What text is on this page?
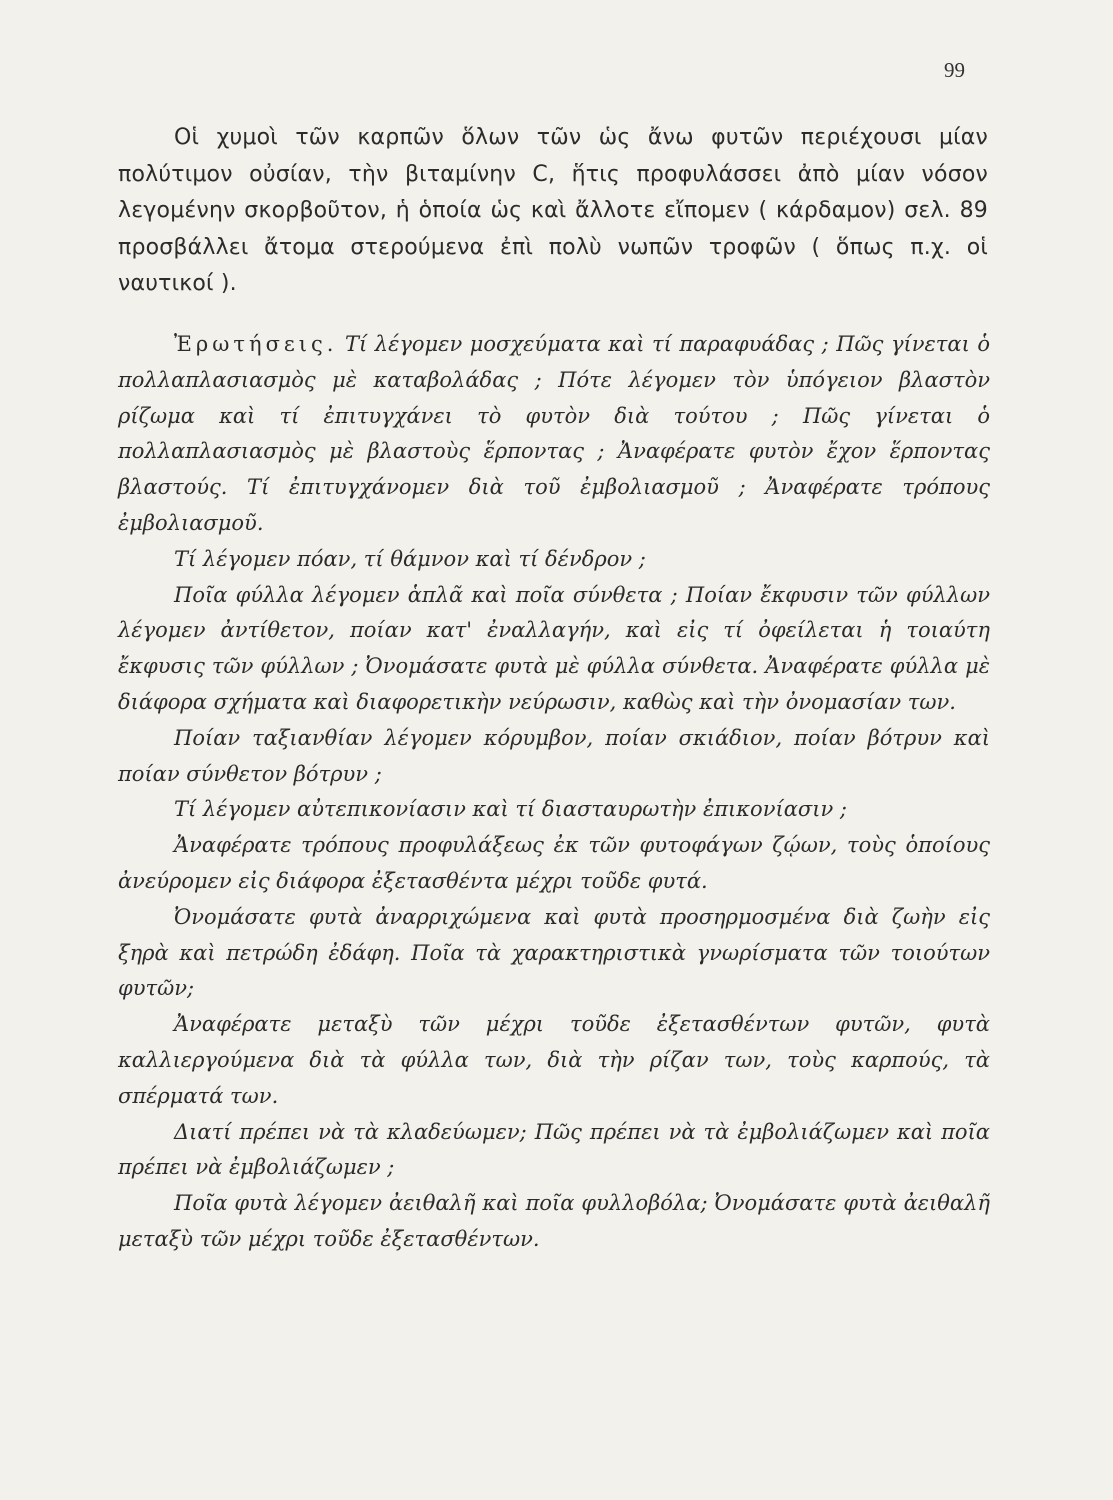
99

Οἱ χυμοὶ τῶν καρπῶν ὅλων τῶν ὡς ἄνω φυτῶν περιέχουσι μίαν πολύτιμον οὐσίαν, τὴν βιταμίνην C, ἥτις προφυλάσσει ἀπὸ μίαν νόσον λεγομένην σκορβοῦτον, ἡ ὁποία ὡς καὶ ἄλλοτε εἴπομεν ( κάρδαμον) σελ. 89 προσβάλλει ἄτομα στερούμενα ἐπὶ πολὺ νωπῶν τροφῶν ( ὅπως π.χ. οἱ ναυτικοί ).

Ἐρωτήσεις. Τί λέγομεν μοσχεύματα καὶ τί παραφυάδας ; Πῶς γίνεται ὁ πολλαπλασιασμὸς μὲ καταβολάδας ; Πότε λέγομεν τὸν ὑπόγειον βλαστὸν ρίζωμα καὶ τί ἐπιτυγχάνει τὸ φυτὸν διὰ τούτου ; Πῶς γίνεται ὁ πολλαπλασιασμὸς μὲ βλαστοὺς ἕρποντας ; Ἀναφέρατε φυτὸν ἔχον ἕρποντας βλαστούς. Τί ἐπιτυγχάνομεν διὰ τοῦ ἐμβολιασμοῦ ; Ἀναφέρατε τρόπους ἐμβολιασμοῦ.

Τί λέγομεν πόαν, τί θάμνον καὶ τί δένδρον ;

Ποῖα φύλλα λέγομεν ἁπλᾶ καὶ ποῖα σύνθετα ; Ποίαν ἔκφυσιν τῶν φύλλων λέγομεν ἀντίθετον, ποίαν κατ' ἐναλλαγήν, καὶ εἰς τί ὀφείλεται ἡ τοιαύτη ἔκφυσις τῶν φύλλων ; Ὀνομάσατε φυτὰ μὲ φύλλα σύνθετα. Ἀναφέρατε φύλλα μὲ διάφορα σχήματα καὶ διαφορετικὴν νεύρωσιν, καθὼς καὶ τὴν ὀνομασίαν των.

Ποίαν ταξιανθίαν λέγομεν κόρυμβον, ποίαν σκιάδιον, ποίαν βότρυν καὶ ποίαν σύνθετον βότρυν ;

Τί λέγομεν αὐτεπικονίασιν καὶ τί διασταυρωτὴν ἐπικονίασιν ;

Ἀναφέρατε τρόπους προφυλάξεως ἐκ τῶν φυτοφάγων ζῴων, τοὺς ὁποίους ἀνεύρομεν εἰς διάφορα ἐξετασθέντα μέχρι τοῦδε φυτά.

Ὀνομάσατε φυτὰ ἀναρριχώμενα καὶ φυτὰ προσηρμοσμένα διὰ ζωὴν εἰς ξηρὰ καὶ πετρώδη ἐδάφη. Ποῖα τὰ χαρακτηριστικὰ γνωρίσματα τῶν τοιούτων φυτῶν;

Ἀναφέρατε μεταξὺ τῶν μέχρι τοῦδε ἐξετασθέντων φυτῶν, φυτὰ καλλιεργούμενα διὰ τὰ φύλλα των, διὰ τὴν ρίζαν των, τοὺς καρπούς, τὰ σπέρματά των.

Διατί πρέπει νὰ τὰ κλαδεύωμεν; Πῶς πρέπει νὰ τὰ ἐμβολιάζωμεν καὶ ποῖα πρέπει νὰ ἐμβολιάζωμεν ;

Ποῖα φυτὰ λέγομεν ἀειθαλῆ καὶ ποῖα φυλλοβόλα; Ὀνομάσατε φυτὰ ἀειθαλῆ μεταξὺ τῶν μέχρι τοῦδε ἐξετασθέντων.
